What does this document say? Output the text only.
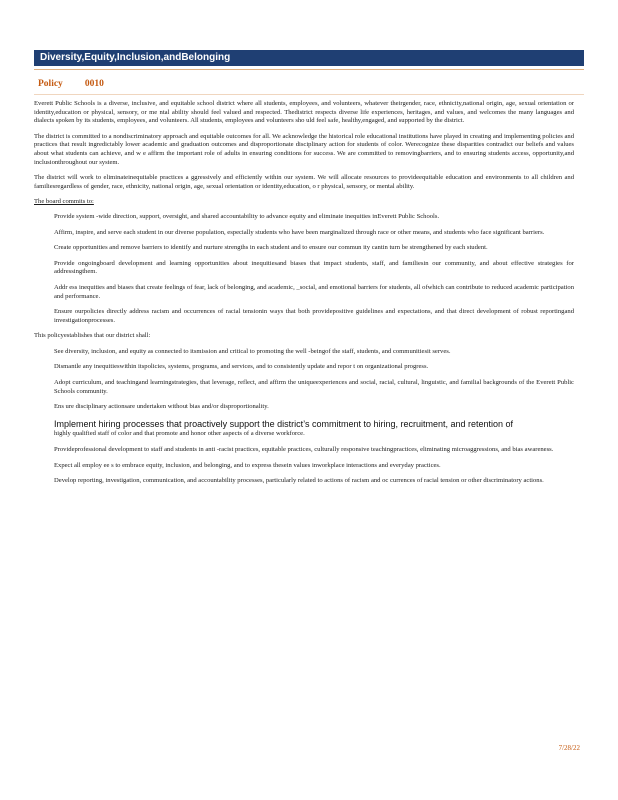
Diversity,Equity,Inclusion,andBelonging
Policy 0010

Everett Public Schools is a diverse, inclusive, and equitable school district where all students, employees, and volunteers, whatever theirgender, race, ethnicity,national origin, age, sexual orientation or identity,education or physical, sensory, or me ntal ability should feel valued and respected. Thedistrict respects diverse life experiences, heritages, and values, and welcomes the many languages and dialects spoken by its students, employees, and volunteers. All students, employees and volunteers sho uld feel safe, healthy,engaged, and supported by the district.

The district is committed to a nondiscriminatory approach and equitable outcomes for all. We acknowledge the historical role educational institutions have played in creating and implementing policies and practices that result ingredictably lower academic and graduation outcomes and disproportionate disciplinary action for students of color. Werecognize these disparities contradict our beliefs and values about what students can achieve, and w e affirm the important role of adults in ensuring conditions for success. We are committed to removingbarriers, and to ensuring students access, opportunity,and inclusionthroughout our system.

The district will work to eliminateinequitable practices a ggressively and efficiently within our system. We will allocate resources to provideequitable education and environments to all children and familiesregardless of gender, race, ethnicity, national origin, age, sexual orientation or identity,education, o r physical, sensory, or mental ability.

The board commits to:

Provide system -wide direction, support, oversight, and shared accountability to advance equity and eliminate inequities inEverett Public Schools.
Affirm, inspire, and serve each student in our diverse population, especially students who have been marginalized through race or other means, and students who face significant barriers.
Create opportunities and remove barriers to identify and nurture strengths in each student and to ensure our commun ity cantin turn be strengthened by each student.
Provide ongoingboard development and learning opportunities about inequitiesand biases that impact students, staff, and familiesin our community, and about effective strategies for addressingthem.
Addr ess inequities and biases that create feelings of fear, lack of belonging, and academic, _social, and emotional barriers for students, all ofwhich can contribute to reduced academic participation and performance.
Ensure ourpolicies directly address racism and occurrences of racial tensionin ways that both providepositive guidelines and expectations, and that direct development of robust reportingand investigationprocesses.

This policyestablishes that our district shall:

See diversity, inclusion, and equity as connected to itsmission and critical to promoting the well -beingof the staff, students, and communitiesit serves.
Dismantle any inequitieswithin itspolicies, systems, programs, and services, and to consistently update and repor t on organizational progress.
Adopt curriculum, and teachingand learningstrategies, that leverage, reflect, and affirm the uniqueexperiences and social, racial, cultural, linguistic, and familial backgrounds of the Everett Public Schools community.
Ens ure disciplinary actionsare undertaken without bias and/or disproportionality.
Implement hiring processes that proactively support the district’s commitment to hiring, recruitment, and retention of
highly qualified staff of color and that promote and honor other aspects of a diverse workforce.
Provideprofessional development to staff and students in anti -racist practices, equitable practices, culturally responsive teachingpractices, eliminating microaggressions, and bias awareness.
Expect all employ ee s to embrace equity, inclusion, and belonging, and to express thesein values inworkplace interactions and everyday practices.
Develop reporting, investigation, communication, and accountability processes, particularly related to actions of racism and oc currences of racial tension or other discriminatory actions.
7/28/22
